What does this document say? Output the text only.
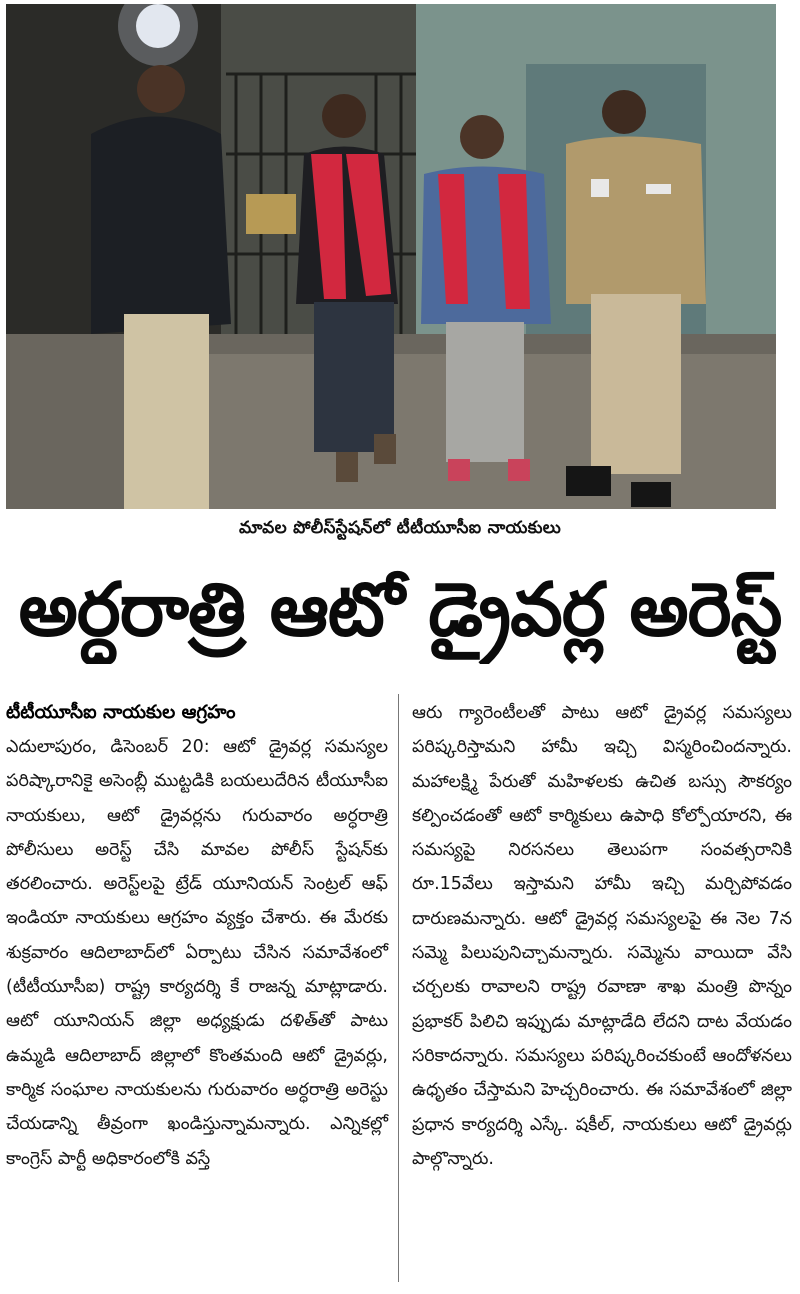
మావల పోలీస్‌స్టేషన్‌లో టీటీయూసీఐ నాయకులు
అర్ధరాత్రి ఆటో డ్రైవర్ల అరెస్ట్

టీటీయూసీఐ నాయకుల ఆగ్రహం

ఎదులాపురం, డిసెంబర్ 20: ఆటో డ్రైవర్ల సమస్యల పరిష్కారానికై అసెంబ్లీ ముట్టడికి బయలుదేరిన టీయూసీఐ నాయకులు, ఆటో డ్రైవర్లను గురువారం అర్ధరాత్రి పోలీసులు అరెస్ట్ చేసి మావల పోలీస్ స్టేషన్‌కు తరలించారు. అరెస్ట్‌లపై ట్రేడ్ యూనియన్ సెంట్రల్ ఆఫ్ ఇండియా నాయకులు ఆగ్రహం వ్యక్తం చేశారు. ఈ మేరకు శుక్రవారం ఆదిలాబాద్‌లో ఏర్పాటు చేసిన సమావేశంలో (టీటీయూసీఐ) రాష్ట్ర కార్యదర్శి కే రాజన్న మాట్లాడారు. ఆటో యూనియన్ జిల్లా అధ్యక్షుడు దళిత్‌తో పాటు ఉమ్మడి ఆదిలాబాద్ జిల్లాలో కొంతమంది ఆటో డ్రైవర్లు, కార్మిక సంఘాల నాయకులను గురువారం అర్ధరాత్రి అరెస్టు చేయడాన్ని తీవ్రంగా ఖండిస్తున్నామన్నారు. ఎన్నికల్లో కాంగ్రెస్ పార్టీ అధికారంలోకి వస్తే

ఆరు గ్యారెంటీలతో పాటు ఆటో డ్రైవర్ల సమస్యలు పరిష్కరిస్తామని హామీ ఇచ్చి విస్మరించిందన్నారు. మహాలక్ష్మి పేరుతో మహిళలకు ఉచిత బస్సు సౌకర్యం కల్పించడంతో ఆటో కార్మికులు ఉపాధి కోల్పోయారని, ఈ సమస్యపై నిరసనలు తెలుపగా సంవత్సరానికి రూ.15వేలు ఇస్తామని హామీ ఇచ్చి మర్చిపోవడం దారుణమన్నారు. ఆటో డ్రైవర్ల సమస్యలపై ఈ నెల 7న సమ్మె పిలుపునిచ్చామన్నారు. సమ్మెను వాయిదా వేసి చర్చలకు రావాలని రాష్ట్ర రవాణా శాఖ మంత్రి పొన్నం ప్రభాకర్ పిలిచి ఇప్పుడు మాట్లాడేది లేదని దాట వేయడం సరికాదన్నారు. సమస్యలు పరిష్కరించకుంటే ఆందోళనలు ఉధృతం చేస్తామని హెచ్చరించారు. ఈ సమావేశంలో జిల్లా ప్రధాన కార్యదర్శి ఎస్కే. షకీల్, నాయకులు ఆటో డ్రైవర్లు పాల్గొన్నారు.
